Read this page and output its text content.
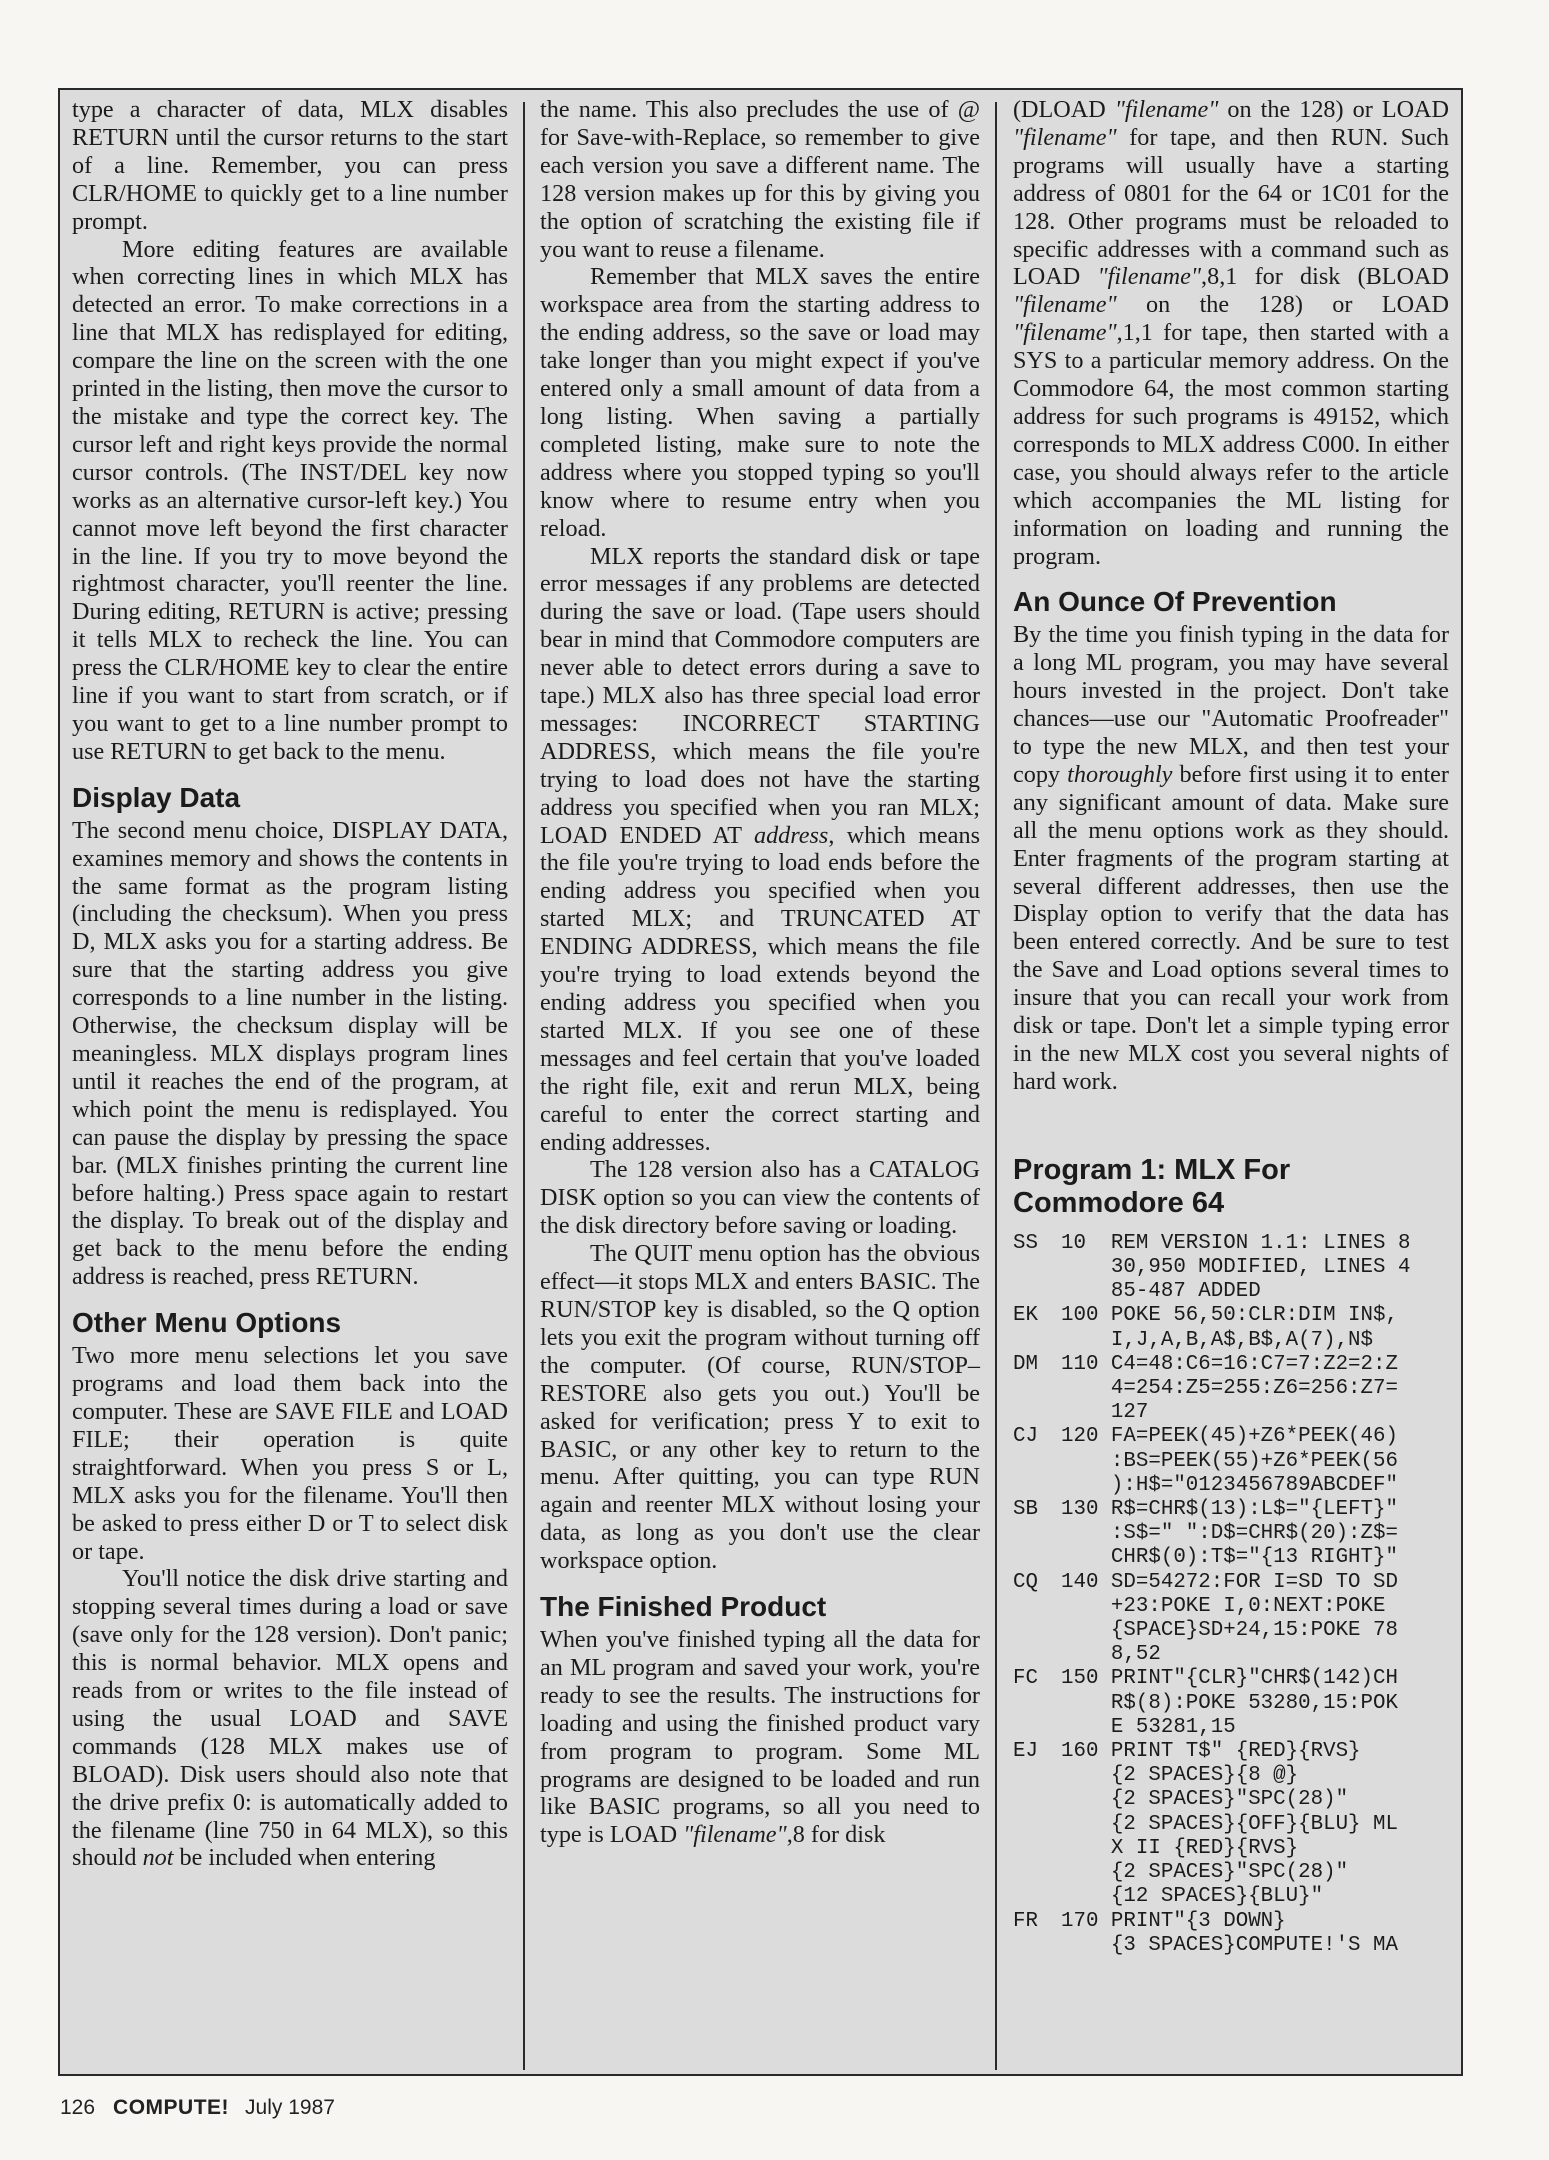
type a character of data, MLX disables RETURN until the cursor returns to the start of a line. Remember, you can press CLR/HOME to quickly get to a line number prompt.

More editing features are available when correcting lines in which MLX has detected an error. To make corrections in a line that MLX has redisplayed for editing, compare the line on the screen with the one printed in the listing, then move the cursor to the mistake and type the correct key. The cursor left and right keys provide the normal cursor controls. (The INST/DEL key now works as an alternative cursor-left key.) You cannot move left beyond the first character in the line. If you try to move beyond the rightmost character, you'll reenter the line. During editing, RETURN is active; pressing it tells MLX to recheck the line. You can press the CLR/HOME key to clear the entire line if you want to start from scratch, or if you want to get to a line number prompt to use RETURN to get back to the menu.

Display Data

The second menu choice, DISPLAY DATA, examines memory and shows the contents in the same format as the program listing (including the checksum). When you press D, MLX asks you for a starting address. Be sure that the starting address you give corresponds to a line number in the listing. Otherwise, the checksum display will be meaningless. MLX displays program lines until it reaches the end of the program, at which point the menu is redisplayed. You can pause the display by pressing the space bar. (MLX finishes printing the current line before halting.) Press space again to restart the display. To break out of the display and get back to the menu before the ending address is reached, press RETURN.

Other Menu Options

Two more menu selections let you save programs and load them back into the computer. These are SAVE FILE and LOAD FILE; their operation is quite straightforward. When you press S or L, MLX asks you for the filename. You'll then be asked to press either D or T to select disk or tape.

You'll notice the disk drive starting and stopping several times during a load or save (save only for the 128 version). Don't panic; this is normal behavior. MLX opens and reads from or writes to the file instead of using the usual LOAD and SAVE commands (128 MLX makes use of BLOAD). Disk users should also note that the drive prefix 0: is automatically added to the filename (line 750 in 64 MLX), so this should not be included when entering

the name. This also precludes the use of @ for Save-with-Replace, so remember to give each version you save a different name. The 128 version makes up for this by giving you the option of scratching the existing file if you want to reuse a filename.

Remember that MLX saves the entire workspace area from the starting address to the ending address, so the save or load may take longer than you might expect if you've entered only a small amount of data from a long listing. When saving a partially completed listing, make sure to note the address where you stopped typing so you'll know where to resume entry when you reload.

MLX reports the standard disk or tape error messages if any problems are detected during the save or load. (Tape users should bear in mind that Commodore computers are never able to detect errors during a save to tape.) MLX also has three special load error messages: INCORRECT STARTING ADDRESS, which means the file you're trying to load does not have the starting address you specified when you ran MLX; LOAD ENDED AT address, which means the file you're trying to load ends before the ending address you specified when you started MLX; and TRUNCATED AT ENDING ADDRESS, which means the file you're trying to load extends beyond the ending address you specified when you started MLX. If you see one of these messages and feel certain that you've loaded the right file, exit and rerun MLX, being careful to enter the correct starting and ending addresses.

The 128 version also has a CATALOG DISK option so you can view the contents of the disk directory before saving or loading.

The QUIT menu option has the obvious effect—it stops MLX and enters BASIC. The RUN/STOP key is disabled, so the Q option lets you exit the program without turning off the computer. (Of course, RUN/STOP–RESTORE also gets you out.) You'll be asked for verification; press Y to exit to BASIC, or any other key to return to the menu. After quitting, you can type RUN again and reenter MLX without losing your data, as long as you don't use the clear workspace option.

The Finished Product

When you've finished typing all the data for an ML program and saved your work, you're ready to see the results. The instructions for loading and using the finished product vary from program to program. Some ML programs are designed to be loaded and run like BASIC programs, so all you need to type is LOAD "filename",8 for disk

(DLOAD "filename" on the 128) or LOAD "filename" for tape, and then RUN. Such programs will usually have a starting address of 0801 for the 64 or 1C01 for the 128. Other programs must be reloaded to specific addresses with a command such as LOAD "filename",8,1 for disk (BLOAD "filename" on the 128) or LOAD "filename",1,1 for tape, then started with a SYS to a particular memory address. On the Commodore 64, the most common starting address for such programs is 49152, which corresponds to MLX address C000. In either case, you should always refer to the article which accompanies the ML listing for information on loading and running the program.

An Ounce Of Prevention

By the time you finish typing in the data for a long ML program, you may have several hours invested in the project. Don't take chances—use our "Automatic Proofreader" to type the new MLX, and then test your copy thoroughly before first using it to enter any significant amount of data. Make sure all the menu options work as they should. Enter fragments of the program starting at several different addresses, then use the Display option to verify that the data has been entered correctly. And be sure to test the Save and Load options several times to insure that you can recall your work from disk or tape. Don't let a simple typing error in the new MLX cost you several nights of hard work.

Program 1: MLX For Commodore 64
SS	10  REM VERSION 1.1: LINES 8
30,950 MODIFIED, LINES 4
85-487 ADDED
EK	100 POKE 56,50:CLR:DIM IN$,
I,J,A,B,A$,B$,A(7),N$
DM	110 C4=48:C6=16:C7=7:Z2=2:Z
4=254:Z5=255:Z6=256:Z7=
127
CJ	120 FA=PEEK(45)+Z6*PEEK(46)
:BS=PEEK(55)+Z6*PEEK(56
):H$="0123456789ABCDEF"
SB	130 R$=CHR$(13):L$="{LEFT}"
:S$=" ":D$=CHR$(20):Z$=
CHR$(0):T$="{13 RIGHT}"
CQ	140 SD=54272:FOR I=SD TO SD
+23:POKE I,0:NEXT:POKE
{SPACE}SD+24,15:POKE 78
8,52
FC	150 PRINT"{CLR}"CHR$(142)CH
R$(8):POKE 53280,15:POK
E 53281,15
EJ	160 PRINT T$" {RED}{RVS}
{2 SPACES}{8 @}
{2 SPACES}"SPC(28)"
{2 SPACES}{OFF}{BLU} ML
X II {RED}{RVS}
{2 SPACES}"SPC(28)"
{12 SPACES}{BLU}"
FR	170 PRINT"{3 DOWN}
{3 SPACES}COMPUTE!'S MA
126 COMPUTE! July 1987
